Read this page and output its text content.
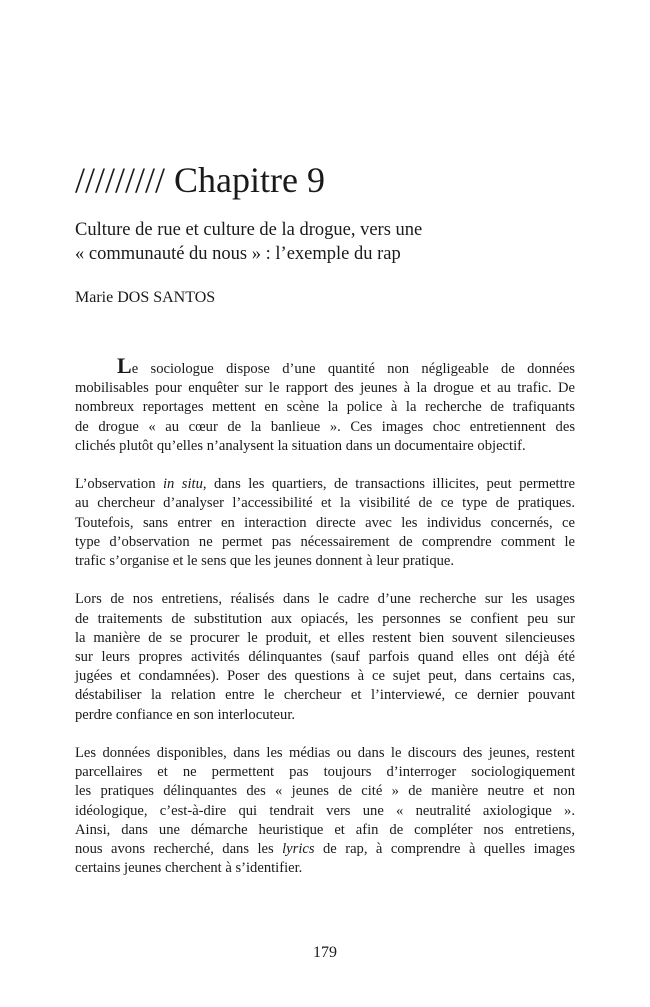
///////// Chapitre 9
Culture de rue et culture de la drogue, vers une
« communauté du nous » : l’exemple du rap
Marie DOS SANTOS
Le sociologue dispose d’une quantité non négligeable de données
mobilisables pour enquêter sur le rapport des jeunes à la drogue et au trafic. De
nombreux reportages mettent en scène la police à la recherche de trafiquants
de drogue « au cœur de la banlieue ». Ces images choc entretiennent des
clichés plutôt qu’elles n’analysent la situation dans un documentaire objectif.
L’observation in situ, dans les quartiers, de transactions illicites, peut permettre
au chercheur d’analyser l’accessibilité et la visibilité de ce type de pratiques.
Toutefois, sans entrer en interaction directe avec les individus concernés, ce
type d’observation ne permet pas nécessairement de comprendre comment le
trafic s’organise et le sens que les jeunes donnent à leur pratique.
Lors de nos entretiens, réalisés dans le cadre d’une recherche sur les usages
de traitements de substitution aux opiacés, les personnes se confient peu sur
la manière de se procurer le produit, et elles restent bien souvent silencieuses
sur leurs propres activités délinquantes (sauf parfois quand elles ont déjà été
jugées et condamnées). Poser des questions à ce sujet peut, dans certains cas,
déstabiliser la relation entre le chercheur et l’interviewé, ce dernier pouvant
perdre confiance en son interlocuteur.
Les données disponibles, dans les médias ou dans le discours des jeunes, restent
parcellaires et ne permettent pas toujours d’interroger sociologiquement
les pratiques délinquantes des « jeunes de cité » de manière neutre et non
idéologique, c’est-à-dire qui tendrait vers une « neutralité axiologique ».
Ainsi, dans une démarche heuristique et afin de compléter nos entretiens,
nous avons recherché, dans les lyrics de rap, à comprendre à quelles images
certains jeunes cherchent à s’identifier.
179
